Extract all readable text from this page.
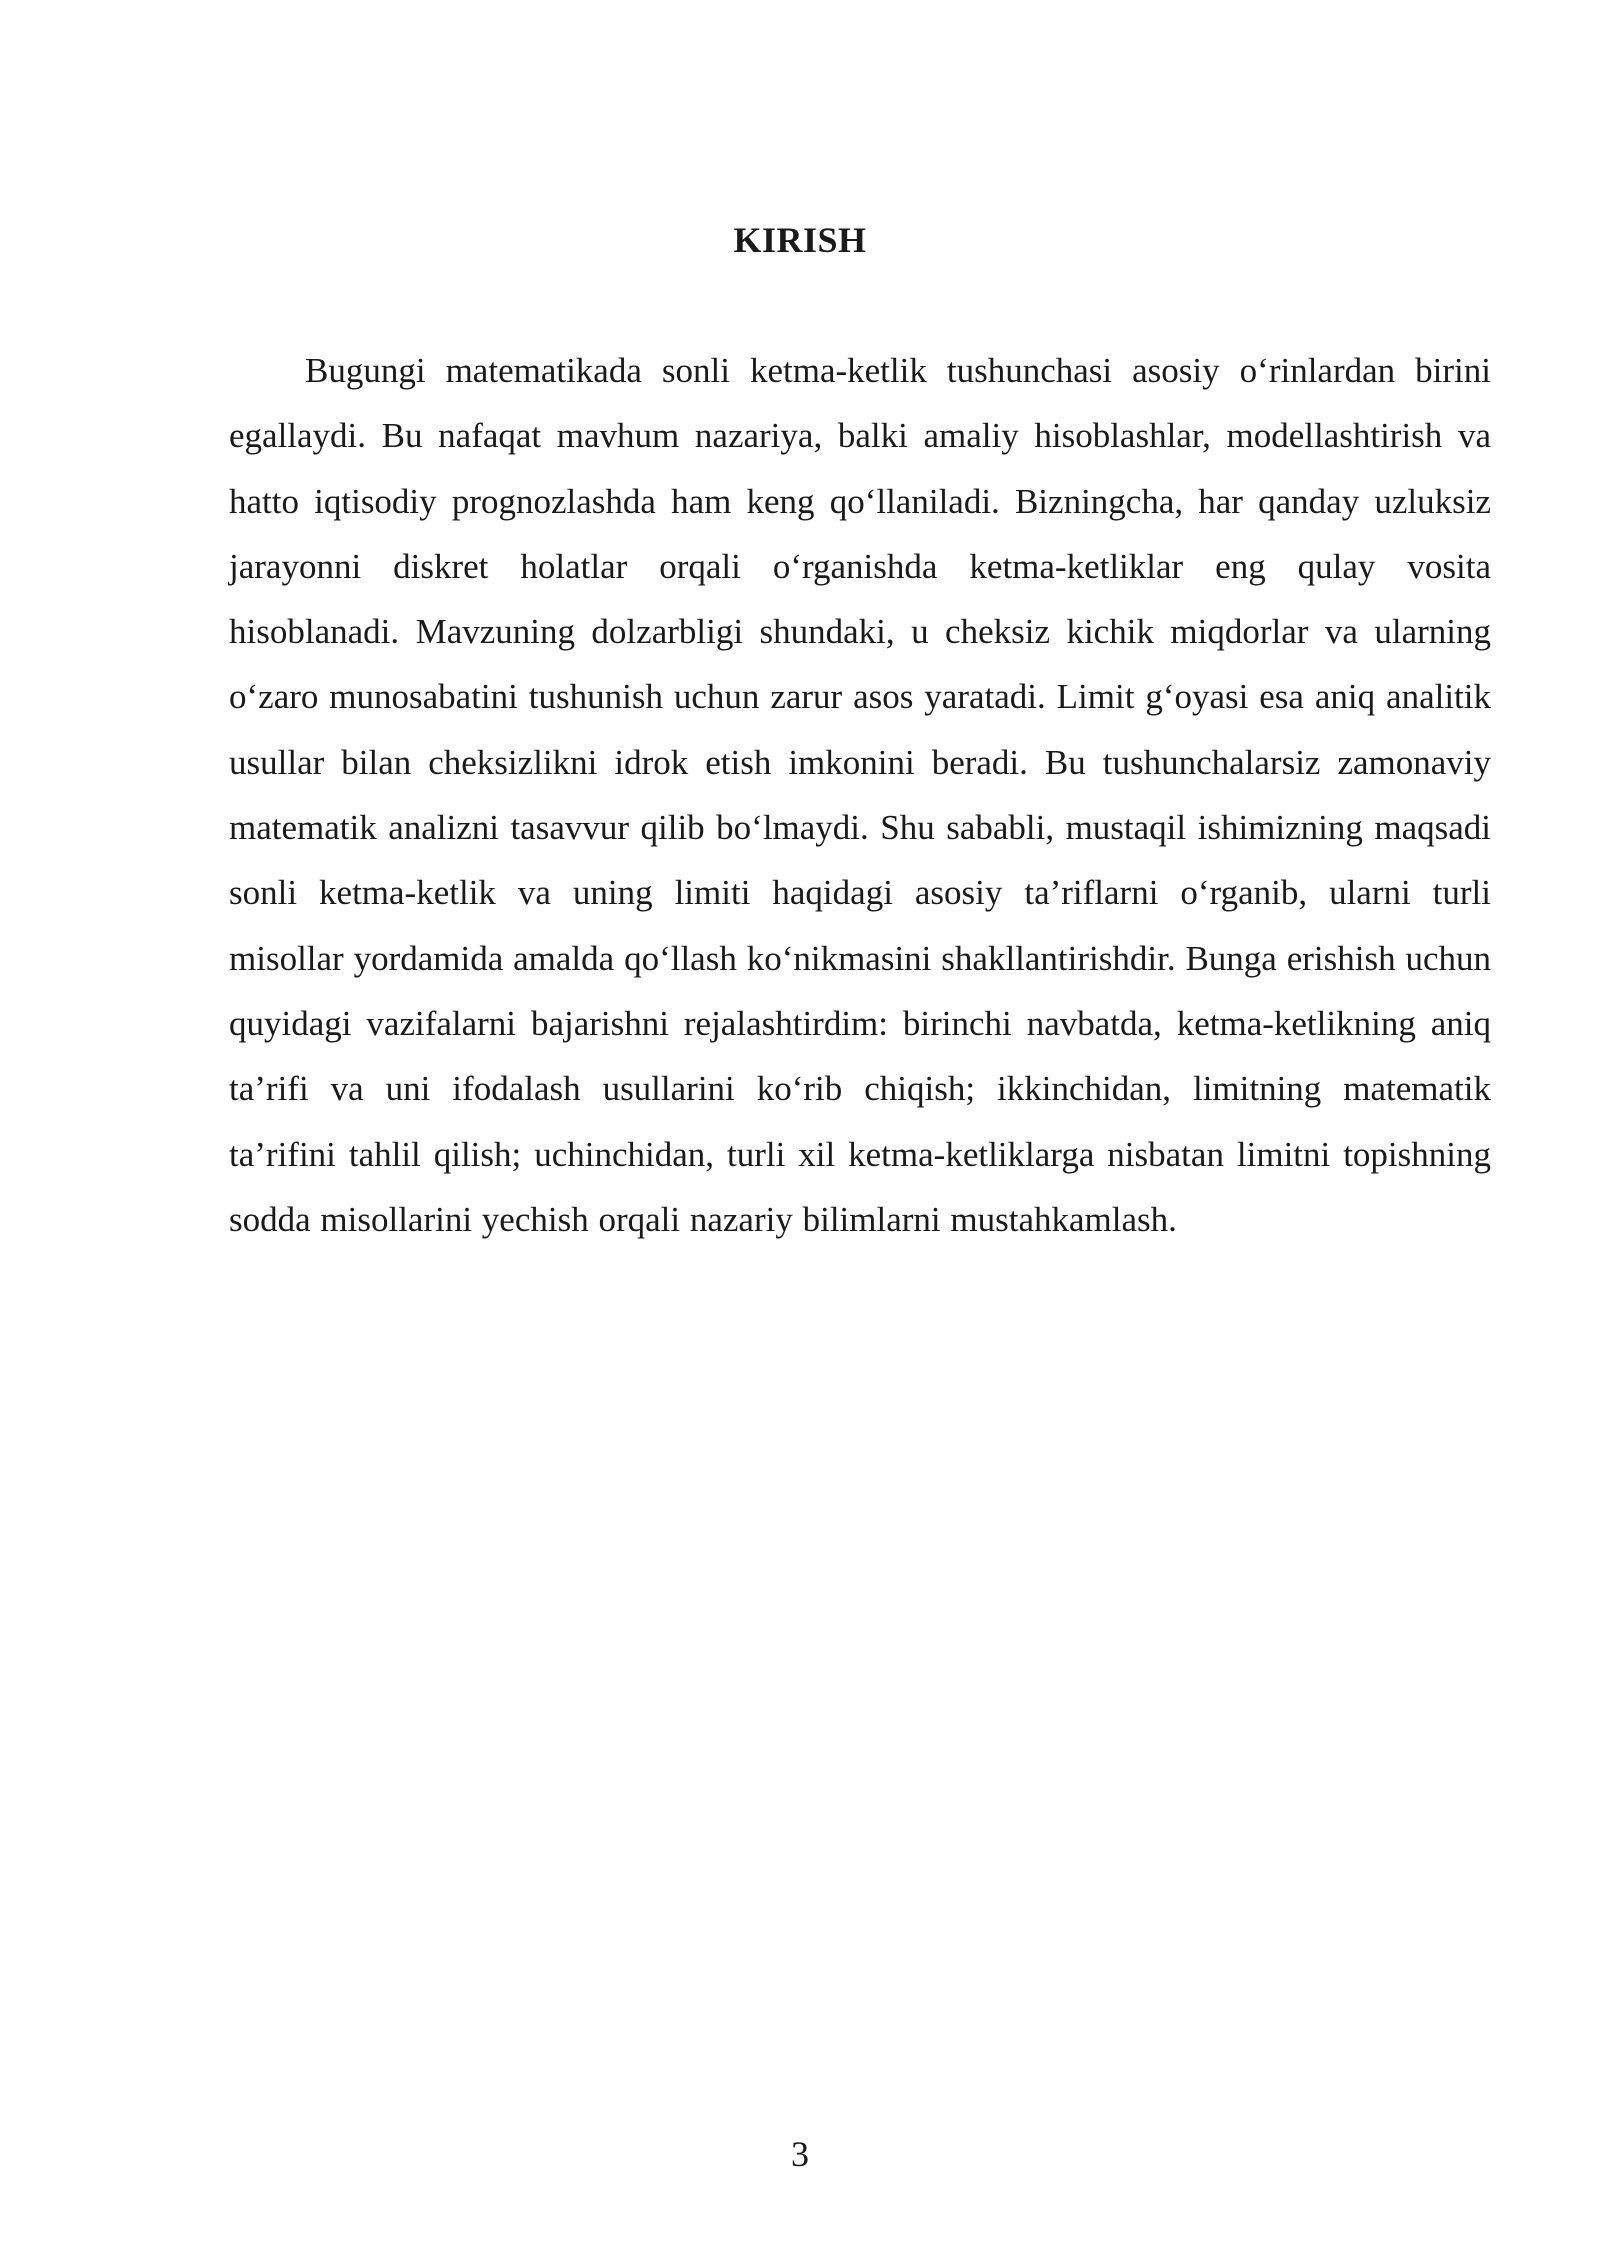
KIRISH

Bugungi matematikada sonli ketma-ketlik tushunchasi asosiy o‘rinlardan birini egallaydi. Bu nafaqat mavhum nazariya, balki amaliy hisoblashlar, modellashtirish va hatto iqtisodiy prognozlashda ham keng qo‘llaniladi. Bizningcha, har qanday uzluksiz jarayonni diskret holatlar orqali o‘rganishda ketma-ketliklar eng qulay vosita hisoblanadi. Mavzuning dolzarbligi shundaki, u cheksiz kichik miqdorlar va ularning o‘zaro munosabatini tushunish uchun zarur asos yaratadi. Limit g‘oyasi esa aniq analitik usullar bilan cheksizlikni idrok etish imkonini beradi. Bu tushunchalarsiz zamonaviy matematik analizni tasavvur qilib bo‘lmaydi. Shu sababli, mustaqil ishimizning maqsadi sonli ketma-ketlik va uning limiti haqidagi asosiy ta’riflarni o‘rganib, ularni turli misollar yordamida amalda qo‘llash ko‘nikmasini shakllantirishdir. Bunga erishish uchun quyidagi vazifalarni bajarishni rejalashtirdim: birinchi navbatda, ketma-ketlikning aniq ta’rifi va uni ifodalash usullarini ko‘rib chiqish; ikkinchidan, limitning matematik ta’rifini tahlil qilish; uchinchidan, turli xil ketma-ketliklarga nisbatan limitni topishning sodda misollarini yechish orqali nazariy bilimlarni mustahkamlash.

3
